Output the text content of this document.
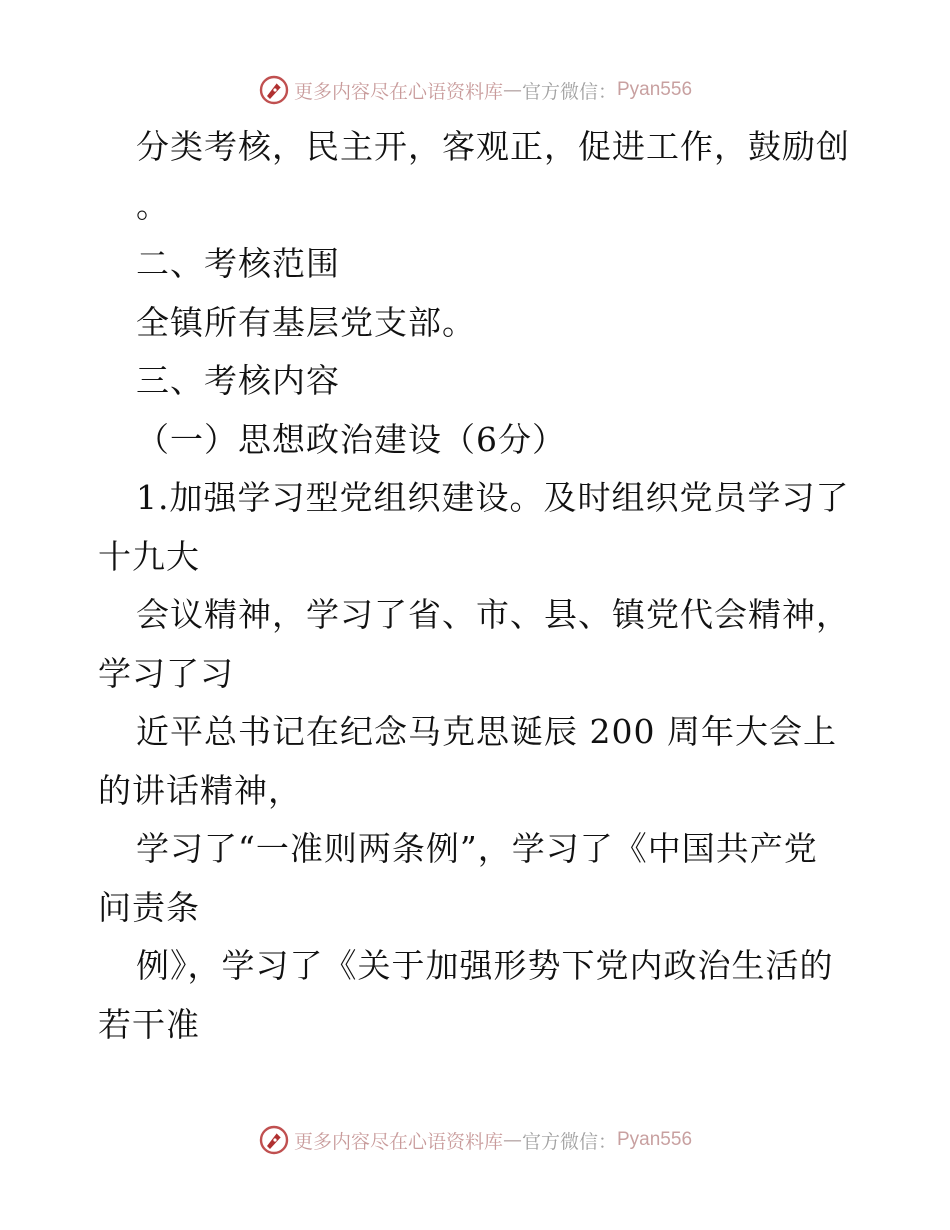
更多内容尽在心语资料库 — 官方微信： Pyan556
分类考核，民主开，客观正，促进工作，鼓励创
。
二、考核范围
全镇所有基层党支部。
三、考核内容
（一）思想政治建设（6分）
1.加强学习型党组织建设。及时组织党员学习了
十九大
会议精神，学习了省、市、县、镇党代会精神，
学习了习
近平总书记在纪念马克思诞辰 200 周年大会上
的讲话精神，
学习了“一准则两条例”，学习了《中国共产党
问责条
例》，学习了《关于加强形势下党内政治生活的
若干准
更多内容尽在心语资料库 — 官方微信： Pyan556
